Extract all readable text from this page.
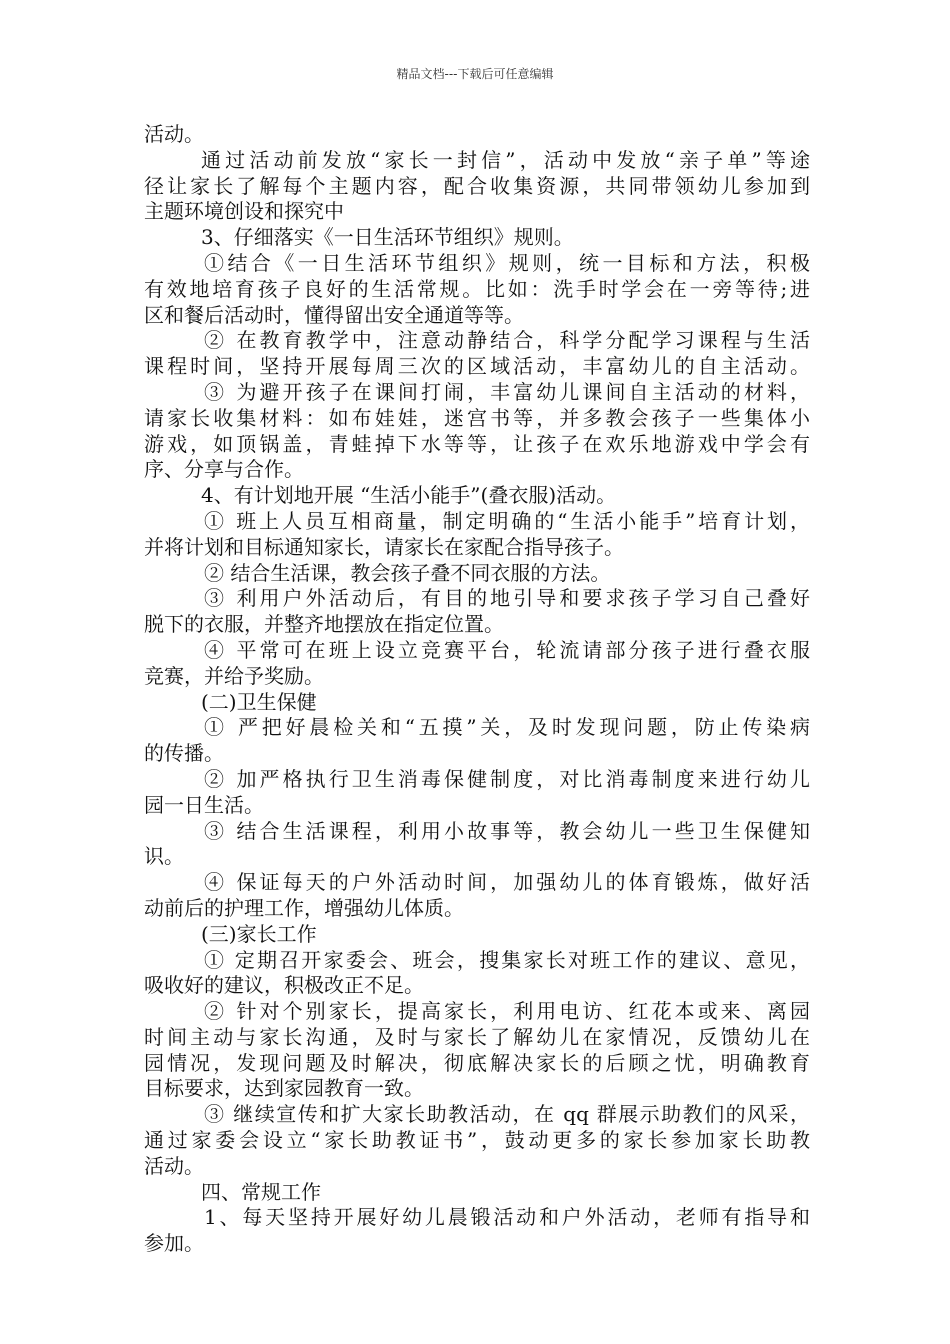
精品文档---下载后可任意编辑
活动。
通过活动前发放“家长一封信”，活动中发放“亲子单”等途
径让家长了解每个主题内容，配合收集资源，共同带领幼儿参加到
主题环境创设和探究中
3、仔细落实《一日生活环节组织》规则。
①结合《一日生活环节组织》规则，统一目标和方法，积极
有效地培育孩子良好的生活常规。比如：洗手时学会在一旁等待;进
区和餐后活动时，懂得留出安全通道等等。
② 在教育教学中，注意动静结合，科学分配学习课程与生活
课程时间，坚持开展每周三次的区域活动，丰富幼儿的自主活动。
③ 为避开孩子在课间打闹，丰富幼儿课间自主活动的材料，
请家长收集材料：如布娃娃，迷宫书等，并多教会孩子一些集体小
游戏，如顶锅盖，青蛙掉下水等等，让孩子在欢乐地游戏中学会有
序、分享与合作。
4、有计划地开展 “生活小能手”(叠衣服)活动。
① 班上人员互相商量，制定明确的“生活小能手”培育计划，
并将计划和目标通知家长，请家长在家配合指导孩子。
② 结合生活课，教会孩子叠不同衣服的方法。
③ 利用户外活动后，有目的地引导和要求孩子学习自己叠好
脱下的衣服，并整齐地摆放在指定位置。
④ 平常可在班上设立竞赛平台，轮流请部分孩子进行叠衣服
竞赛，并给予奖励。
(二)卫生保健
① 严把好晨检关和“五摸”关，及时发现问题，防止传染病
的传播。
② 加严格执行卫生消毒保健制度，对比消毒制度来进行幼儿
园一日生活。
③ 结合生活课程，利用小故事等，教会幼儿一些卫生保健知
识。
④ 保证每天的户外活动时间，加强幼儿的体育锻炼，做好活
动前后的护理工作，增强幼儿体质。
(三)家长工作
① 定期召开家委会、班会，搜集家长对班工作的建议、意见，
吸收好的建议，积极改正不足。
② 针对个别家长，提高家长，利用电访、红花本或来、离园
时间主动与家长沟通，及时与家长了解幼儿在家情况，反馈幼儿在
园情况，发现问题及时解决，彻底解决家长的后顾之忧，明确教育
目标要求，达到家园教育一致。
③ 继续宣传和扩大家长助教活动，在 qq 群展示助教们的风采，
通过家委会设立“家长助教证书”，鼓动更多的家长参加家长助教
活动。
四、常规工作
1、每天坚持开展好幼儿晨锻活动和户外活动，老师有指导和
参加。
